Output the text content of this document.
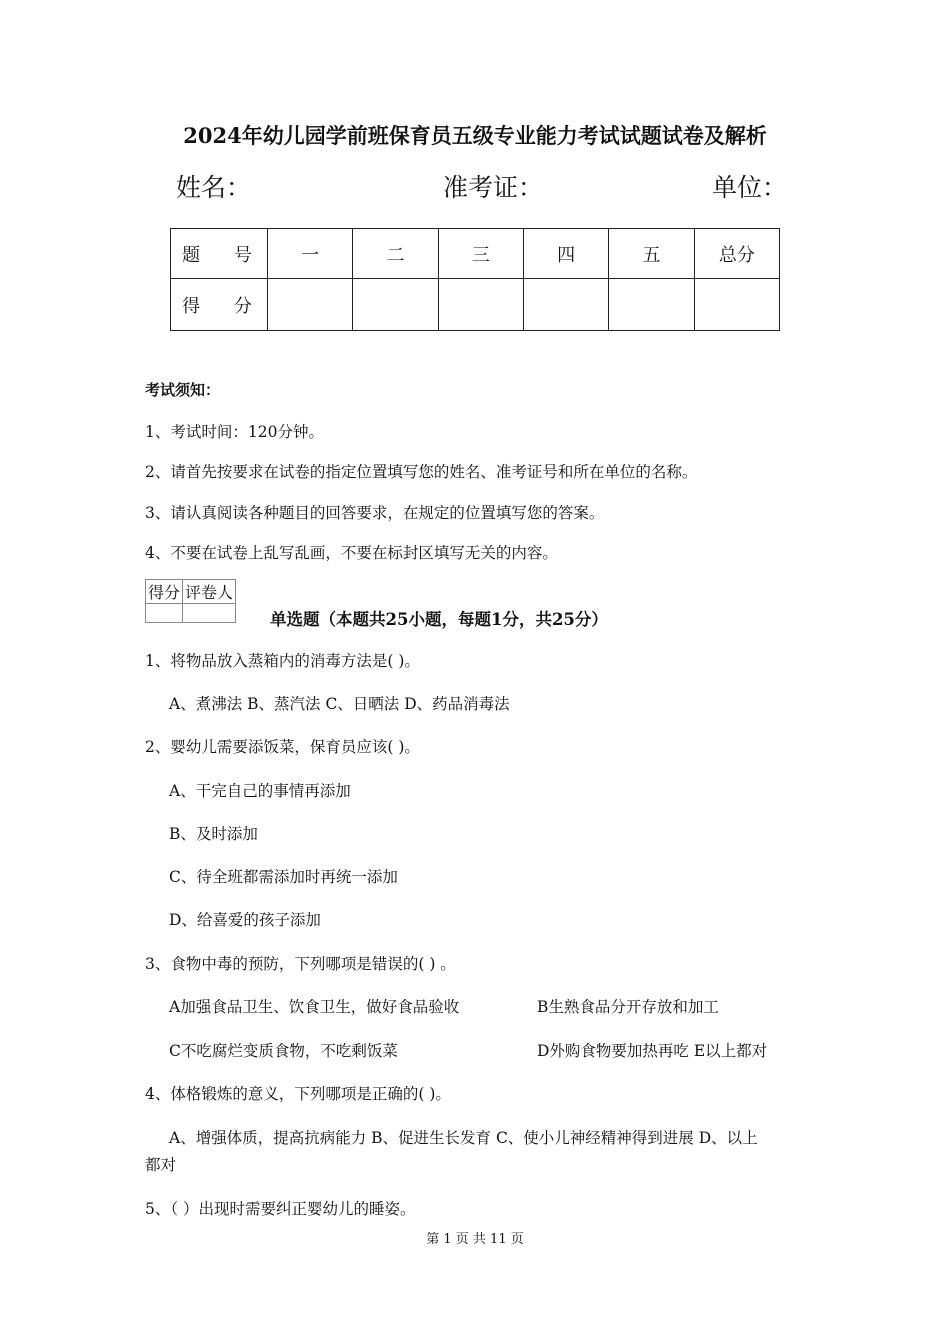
2024年幼儿园学前班保育员五级专业能力考试试题试卷及解析
姓名：	准考证：	单位：
题 号	一	二	三	四	五	总分
得 分						
考试须知：
1、考试时间：120分钟。
2、请首先按要求在试卷的指定位置填写您的姓名、准考证号和所在单位的名称。
3、请认真阅读各种题目的回答要求，在规定的位置填写您的答案。
4、不要在试卷上乱写乱画，不要在标封区填写无关的内容。
得分	评卷人

单选题（本题共25小题，每题1分，共25分）
1、将物品放入蒸箱内的消毒方法是( )。
A、煮沸法 B、蒸汽法 C、日晒法 D、药品消毒法
2、婴幼儿需要添饭菜，保育员应该( )。
A、干完自己的事情再添加
B、及时添加
C、待全班都需添加时再统一添加
D、给喜爱的孩子添加
3、食物中毒的预防，下列哪项是错误的( ) 。
A加强食品卫生、饮食卫生，做好食品验收	B生熟食品分开存放和加工
C不吃腐烂变质食物，不吃剩饭菜	D外购食物要加热再吃 E以上都对
4、体格锻炼的意义，下列哪项是正确的( )。
A、增强体质，提高抗病能力 B、促进生长发育 C、使小儿神经精神得到进展 D、以上
都对
5、（ ）出现时需要纠正婴幼儿的睡姿。
第 1 页 共 11 页
